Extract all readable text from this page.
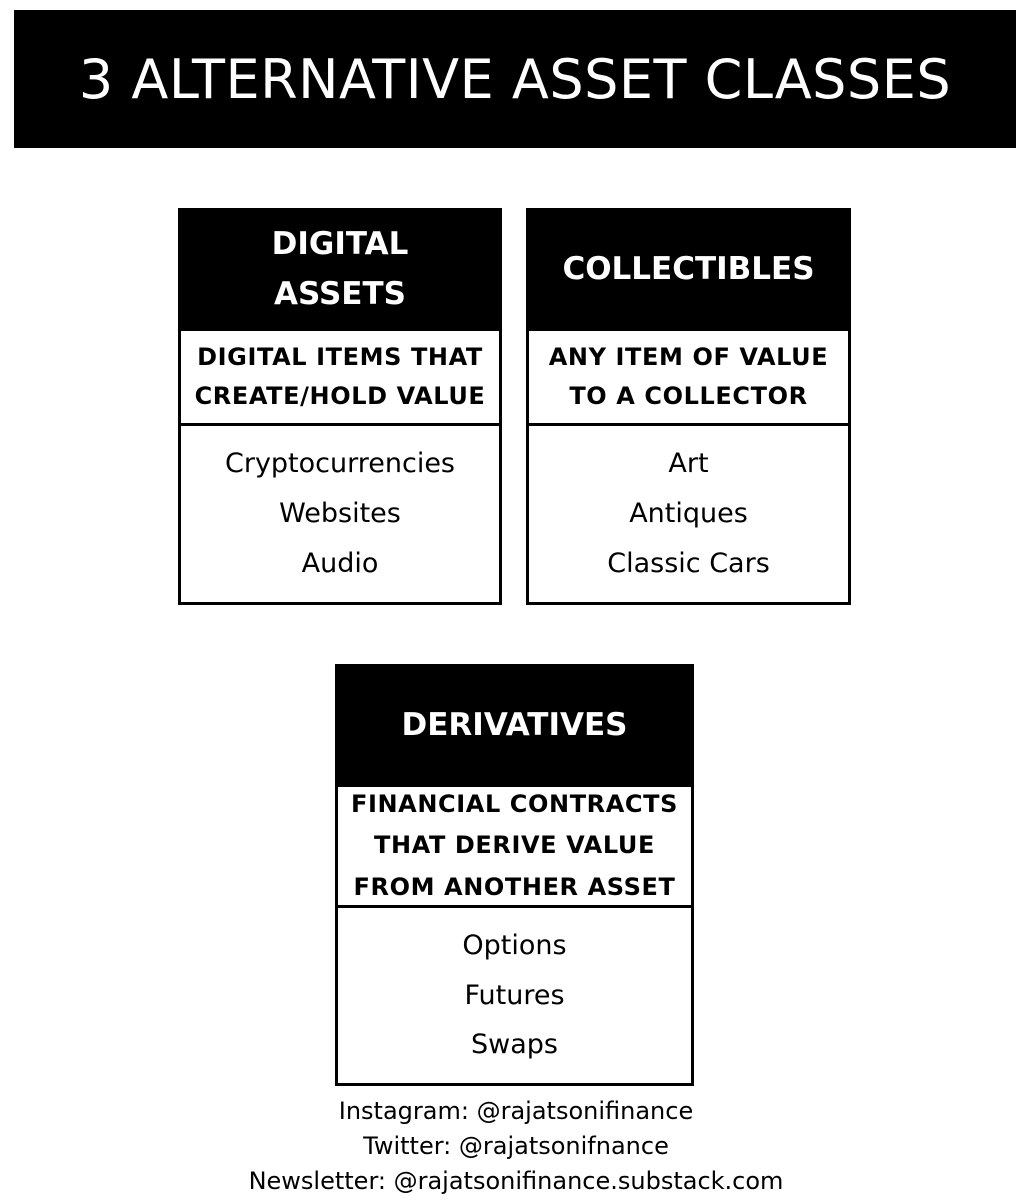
3 ALTERNATIVE ASSET CLASSES
DIGITAL
ASSETS
DIGITAL ITEMS THAT
CREATE/HOLD VALUE
Cryptocurrencies
Websites
Audio
COLLECTIBLES
ANY ITEM OF VALUE
TO A COLLECTOR
Art
Antiques
Classic Cars
DERIVATIVES
FINANCIAL CONTRACTS
THAT DERIVE VALUE
FROM ANOTHER ASSET
Options
Futures
Swaps
Instagram: @rajatsonifinance
Twitter: @rajatsonifnance
Newsletter: @rajatsonifinance.substack.com
